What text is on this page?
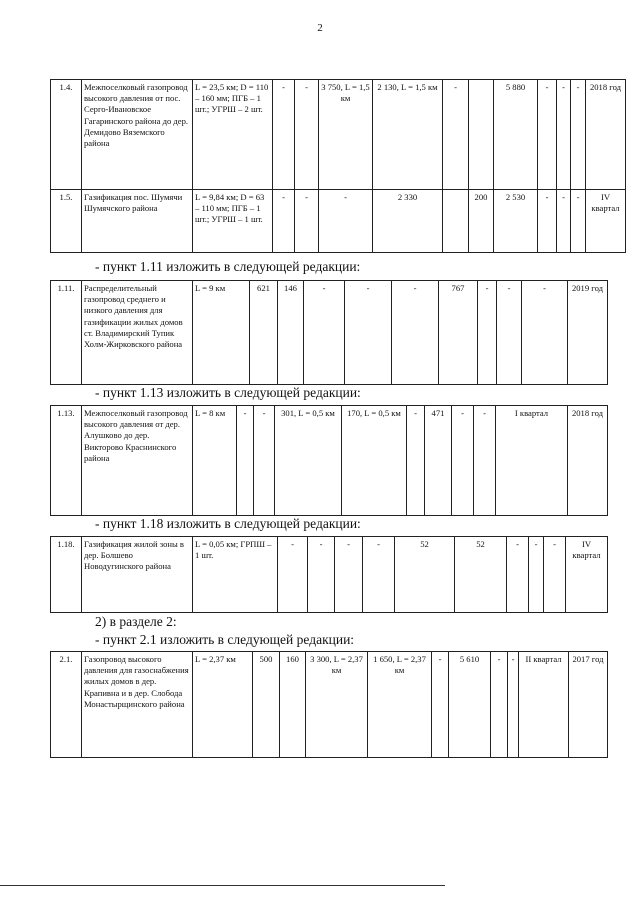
2
1.4.	Межпоселковый газопровод высокого давления от пос. Серго-Ивановское Гагаринского района до дер. Демидово Вяземского района	L = 23,5 км; D = 110 – 160 мм; ПГБ – 1 шт.; УГРШ – 2 шт.	-	-	3 750, L = 1,5 км	2 130, L = 1,5 км	-		5 880	-	-	-	2018 год
1.5.	Газификация пос. Шумячи Шумячского района	L = 9,84 км; D = 63 – 110 мм; ПГБ – 1 шт.; УГРШ – 1 шт.	-	-	-	2 330		200	2 530	-	-	-	IV квартал
- пункт 1.11 изложить в следующей редакции:
1.11.	Распределительный газопровод среднего и низкого давления для газификации жилых домов ст. Владимирский Тупик Холм-Жирковского района	L = 9 км	621	146	-	-	-	767	-	-	-	2019 год
- пункт 1.13 изложить в следующей редакции:
1.13.	Межпоселковый газопровод высокого давления от дер. Алушково до дер. Викторово Краснинского района	L = 8 км	-	-	301, L = 0,5 км	170, L = 0,5 км	-	471	-	-	I квартал	2018 год
- пункт 1.18 изложить в следующей редакции:
1.18.	Газификация жилой зоны в дер. Болшево Новодугинского района	L = 0,05 км; ГРПШ – 1 шт.	-	-	-	-	52	52	-	-	-	IV квартал
2) в разделе 2:
- пункт 2.1 изложить в следующей редакции:
2.1.	Газопровод высокого давления для газоснабжения жилых домов в дер. Крапивна и в дер. Слобода Монастырщинского района	L = 2,37 км	500	160	3 300, L = 2,37 км	1 650, L = 2,37 км	-	5 610	-	-	II квартал	2017 год
